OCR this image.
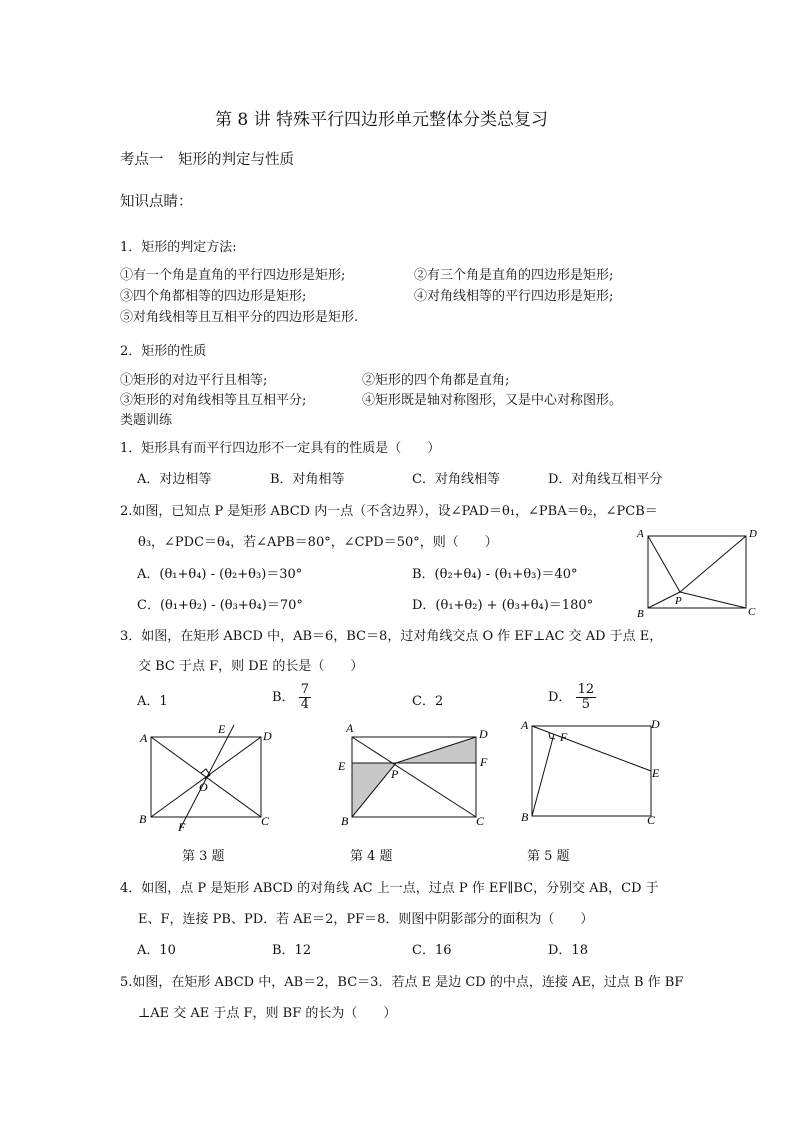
第 8 讲 特殊平行四边形单元整体分类总复习
考点一　矩形的判定与性质
知识点睛：
1．矩形的判定方法:
①有一个角是直角的平行四边形是矩形;	②有三个角是直角的四边形是矩形;
③四个角都相等的四边形是矩形;	④对角线相等的平行四边形是矩形;
⑤对角线相等且互相平分的四边形是矩形.
2．矩形的性质
①矩形的对边平行且相等;	②矩形的四个角都是直角;
③矩形的对角线相等且互相平分;	④矩形既是轴对称图形，又是中心对称图形。
类题训练
1．矩形具有而平行四边形不一定具有的性质是（　　）
A．对边相等	B．对角相等	C．对角线相等	D．对角线互相平分
2.如图，已知点 P 是矩形 ABCD 内一点（不含边界），设∠PAD＝θ₁，∠PBA＝θ₂，∠PCB＝
θ₃，∠PDC＝θ₄，若∠APB＝80°，∠CPD＝50°，则（　　）
A．(θ₁+θ₄) - (θ₂+θ₃)＝30°	B．(θ₂+θ₄) - (θ₁+θ₃)＝40°
C．(θ₁+θ₂) - (θ₃+θ₄)＝70°	D．(θ₁+θ₂) + (θ₃+θ₄)＝180°
A	D
B	C
P
3．如图，在矩形 ABCD 中，AB＝6，BC＝8，过对角线交点 O 作 EF⊥AC 交 AD 于点 E，
交 BC 于点 F，则 DE 的长是（　　）
A．1	B． $\frac{7}{4}$	C．2	D． $\frac{12}{5}$
A	D
B	C
E
F
O
A	D
E	F
P
B	C
A	D
F
E
B	C
第 3 题	第 4 题	第 5 题
4．如图，点 P 是矩形 ABCD 的对角线 AC 上一点，过点 P 作 EF∥BC，分别交 AB，CD 于
E、F，连接 PB、PD．若 AE＝2，PF＝8．则图中阴影部分的面积为（　　）
A．10	B．12	C．16	D．18
5.如图，在矩形 ABCD 中，AB＝2，BC＝3．若点 E 是边 CD 的中点，连接 AE，过点 B 作 BF
⊥AE 交 AE 于点 F，则 BF 的长为（　　）
